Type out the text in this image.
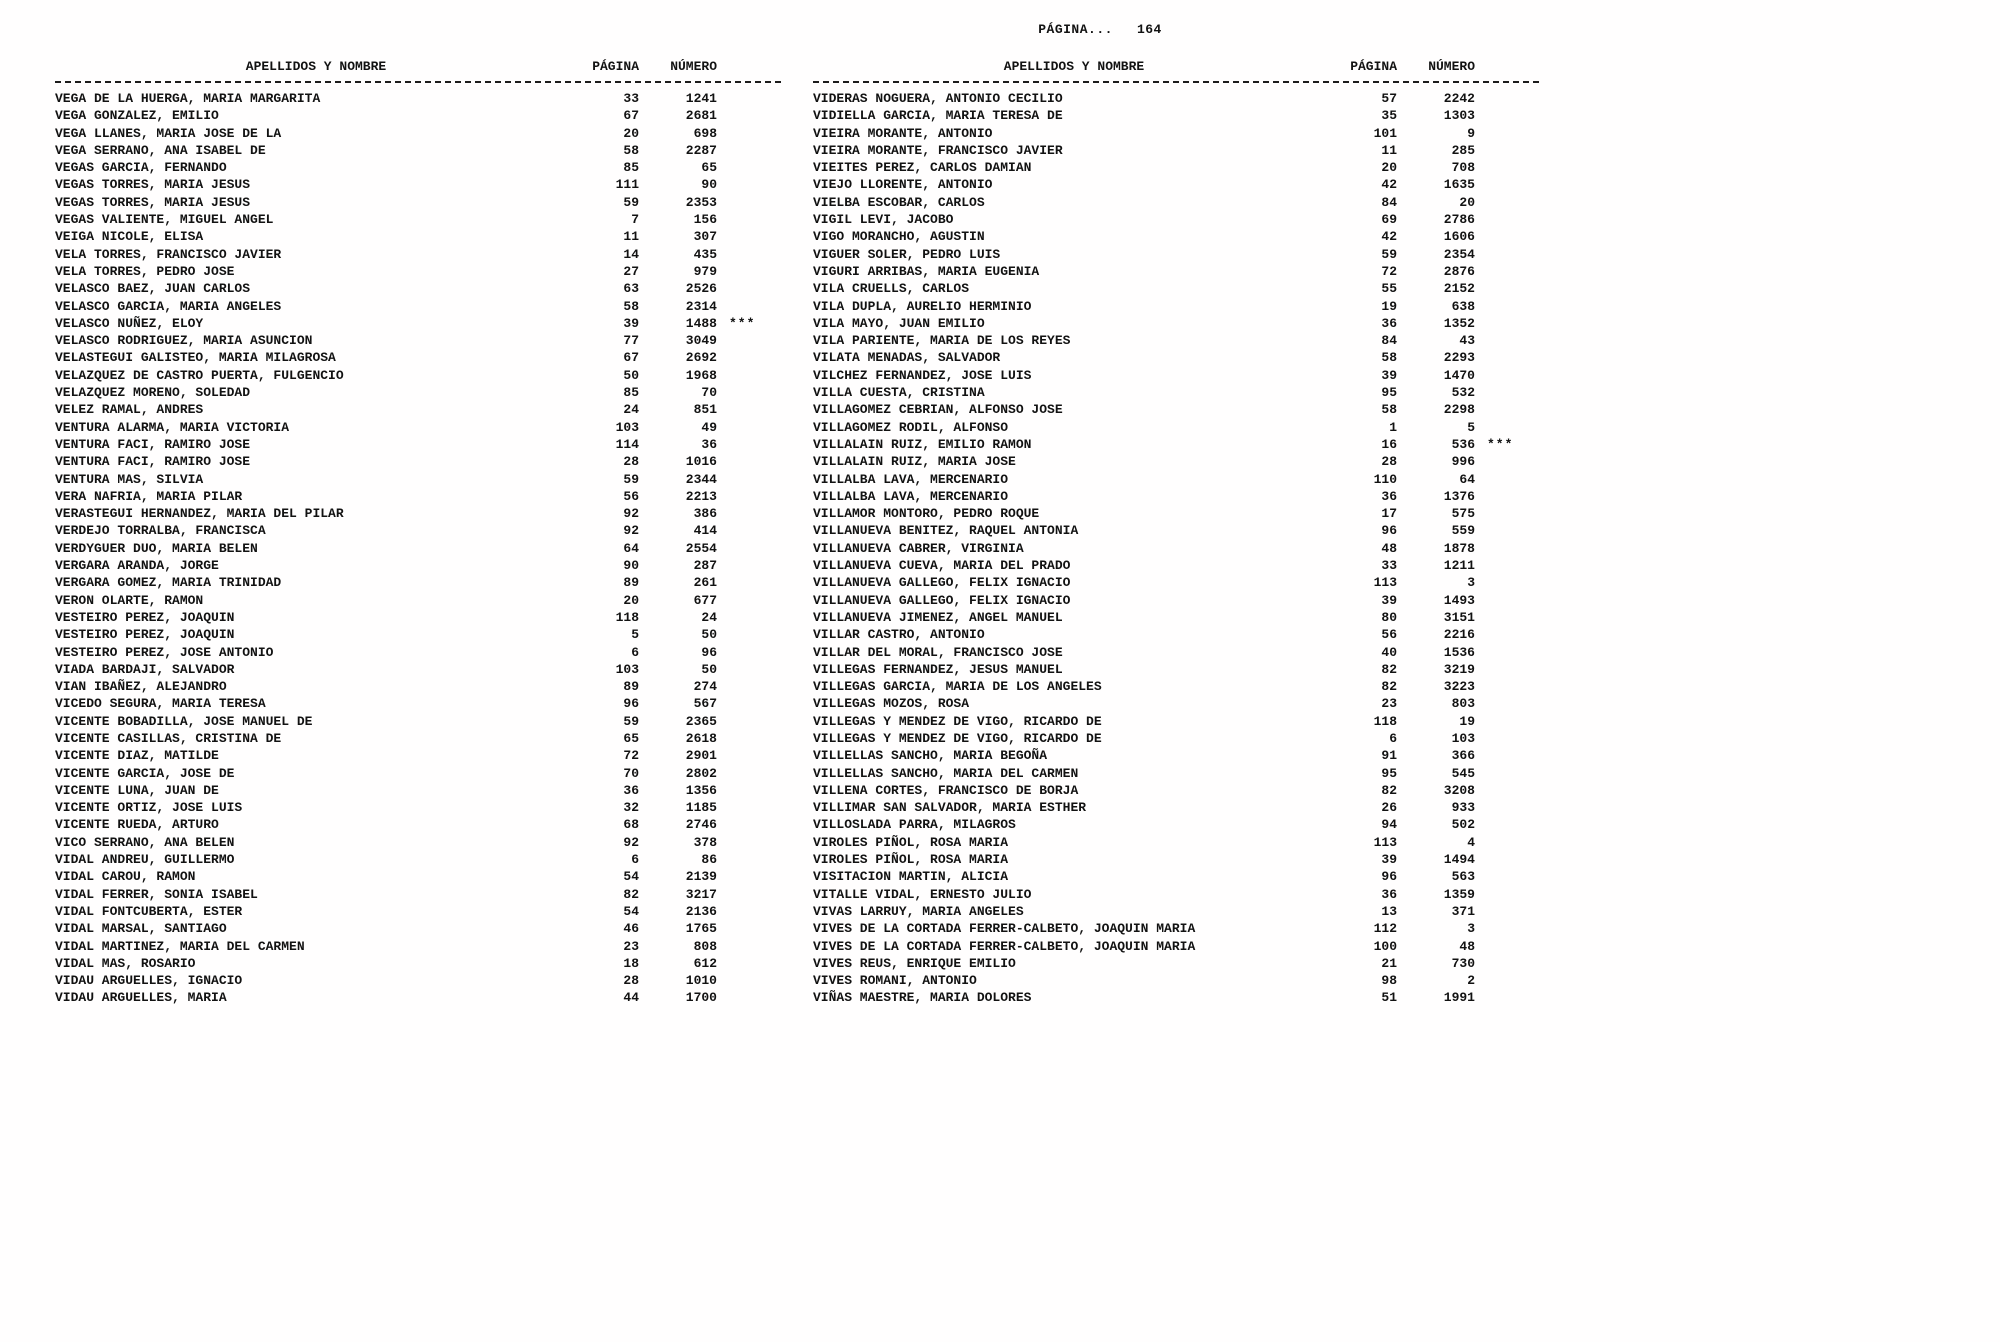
PÁGINA... 164

APELLIDOS Y NOMBRE	PÁGINA	NÚMERO
VEGA DE LA HUERGA, MARIA MARGARITA	33	1241
VEGA GONZALEZ, EMILIO	67	2681
VEGA LLANES, MARIA JOSE DE LA	20	698
VEGA SERRANO, ANA ISABEL DE	58	2287
VEGAS GARCIA, FERNANDO	85	65
VEGAS TORRES, MARIA JESUS	111	90
VEGAS TORRES, MARIA JESUS	59	2353
VEGAS VALIENTE, MIGUEL ANGEL	7	156
VEIGA NICOLE, ELISA	11	307
VELA TORRES, FRANCISCO JAVIER	14	435
VELA TORRES, PEDRO JOSE	27	979
VELASCO BAEZ, JUAN CARLOS	63	2526
VELASCO GARCIA, MARIA ANGELES	58	2314
VELASCO NUÑEZ, ELOY	39	1488 ***
VELASCO RODRIGUEZ, MARIA ASUNCION	77	3049
VELASTEGUI GALISTEO, MARIA MILAGROSA	67	2692
VELAZQUEZ DE CASTRO PUERTA, FULGENCIO	50	1968
VELAZQUEZ MORENO, SOLEDAD	85	70
VELEZ RAMAL, ANDRES	24	851
VENTURA ALARMA, MARIA VICTORIA	103	49
VENTURA FACI, RAMIRO JOSE	114	36
VENTURA FACI, RAMIRO JOSE	28	1016
VENTURA MAS, SILVIA	59	2344
VERA NAFRIA, MARIA PILAR	56	2213
VERASTEGUI HERNANDEZ, MARIA DEL PILAR	92	386
VERDEJO TORRALBA, FRANCISCA	92	414
VERDYGUER DUO, MARIA BELEN	64	2554
VERGARA ARANDA, JORGE	90	287
VERGARA GOMEZ, MARIA TRINIDAD	89	261
VERON OLARTE, RAMON	20	677
VESTEIRO PEREZ, JOAQUIN	118	24
VESTEIRO PEREZ, JOAQUIN	5	50
VESTEIRO PEREZ, JOSE ANTONIO	6	96
VIADA BARDAJI, SALVADOR	103	50
VIAN IBAÑEZ, ALEJANDRO	89	274
VICEDO SEGURA, MARIA TERESA	96	567
VICENTE BOBADILLA, JOSE MANUEL DE	59	2365
VICENTE CASILLAS, CRISTINA DE	65	2618
VICENTE DIAZ, MATILDE	72	2901
VICENTE GARCIA, JOSE DE	70	2802
VICENTE LUNA, JUAN DE	36	1356
VICENTE ORTIZ, JOSE LUIS	32	1185
VICENTE RUEDA, ARTURO	68	2746
VICO SERRANO, ANA BELEN	92	378
VIDAL ANDREU, GUILLERMO	6	86
VIDAL CAROU, RAMON	54	2139
VIDAL FERRER, SONIA ISABEL	82	3217
VIDAL FONTCUBERTA, ESTER	54	2136
VIDAL MARSAL, SANTIAGO	46	1765
VIDAL MARTINEZ, MARIA DEL CARMEN	23	808
VIDAL MAS, ROSARIO	18	612
VIDAU ARGUELLES, IGNACIO	28	1010
VIDAU ARGUELLES, MARIA	44	1700
APELLIDOS Y NOMBRE	PÁGINA	NÚMERO
VIDERAS NOGUERA, ANTONIO CECILIO	57	2242
VIDIELLA GARCIA, MARIA TERESA DE	35	1303
VIEIRA MORANTE, ANTONIO	101	9
VIEIRA MORANTE, FRANCISCO JAVIER	11	285
VIEITES PEREZ, CARLOS DAMIAN	20	708
VIEJO LLORENTE, ANTONIO	42	1635
VIELBA ESCOBAR, CARLOS	84	20
VIGIL LEVI, JACOBO	69	2786
VIGO MORANCHO, AGUSTIN	42	1606
VIGUER SOLER, PEDRO LUIS	59	2354
VIGURI ARRIBAS, MARIA EUGENIA	72	2876
VILA CRUELLS, CARLOS	55	2152
VILA DUPLA, AURELIO HERMINIO	19	638
VILA MAYO, JUAN EMILIO	36	1352
VILA PARIENTE, MARIA DE LOS REYES	84	43
VILATA MENADAS, SALVADOR	58	2293
VILCHEZ FERNANDEZ, JOSE LUIS	39	1470
VILLA CUESTA, CRISTINA	95	532
VILLAGOMEZ CEBRIAN, ALFONSO JOSE	58	2298
VILLAGOMEZ RODIL, ALFONSO	1	5
VILLALAIN RUIZ, EMILIO RAMON	16	536 ***
VILLALAIN RUIZ, MARIA JOSE	28	996
VILLALBA LAVA, MERCENARIO	110	64
VILLALBA LAVA, MERCENARIO	36	1376
VILLAMOR MONTORO, PEDRO ROQUE	17	575
VILLANUEVA BENITEZ, RAQUEL ANTONIA	96	559
VILLANUEVA CABRER, VIRGINIA	48	1878
VILLANUEVA CUEVA, MARIA DEL PRADO	33	1211
VILLANUEVA GALLEGO, FELIX IGNACIO	113	3
VILLANUEVA GALLEGO, FELIX IGNACIO	39	1493
VILLANUEVA JIMENEZ, ANGEL MANUEL	80	3151
VILLAR CASTRO, ANTONIO	56	2216
VILLAR DEL MORAL, FRANCISCO JOSE	40	1536
VILLEGAS FERNANDEZ, JESUS MANUEL	82	3219
VILLEGAS GARCIA, MARIA DE LOS ANGELES	82	3223
VILLEGAS MOZOS, ROSA	23	803
VILLEGAS Y MENDEZ DE VIGO, RICARDO DE	118	19
VILLEGAS Y MENDEZ DE VIGO, RICARDO DE	6	103
VILLELLAS SANCHO, MARIA BEGOÑA	91	366
VILLELLAS SANCHO, MARIA DEL CARMEN	95	545
VILLENA CORTES, FRANCISCO DE BORJA	82	3208
VILLIMAR SAN SALVADOR, MARIA ESTHER	26	933
VILLOSLADA PARRA, MILAGROS	94	502
VIROLES PIÑOL, ROSA MARIA	113	4
VIROLES PIÑOL, ROSA MARIA	39	1494
VISITACION MARTIN, ALICIA	96	563
VITALLE VIDAL, ERNESTO JULIO	36	1359
VIVAS LARRUY, MARIA ANGELES	13	371
VIVES DE LA CORTADA FERRER-CALBETO, JOAQUIN MARIA	112	3
VIVES DE LA CORTADA FERRER-CALBETO, JOAQUIN MARIA	100	48
VIVES REUS, ENRIQUE EMILIO	21	730
VIVES ROMANI, ANTONIO	98	2
VIÑAS MAESTRE, MARIA DOLORES	51	1991
